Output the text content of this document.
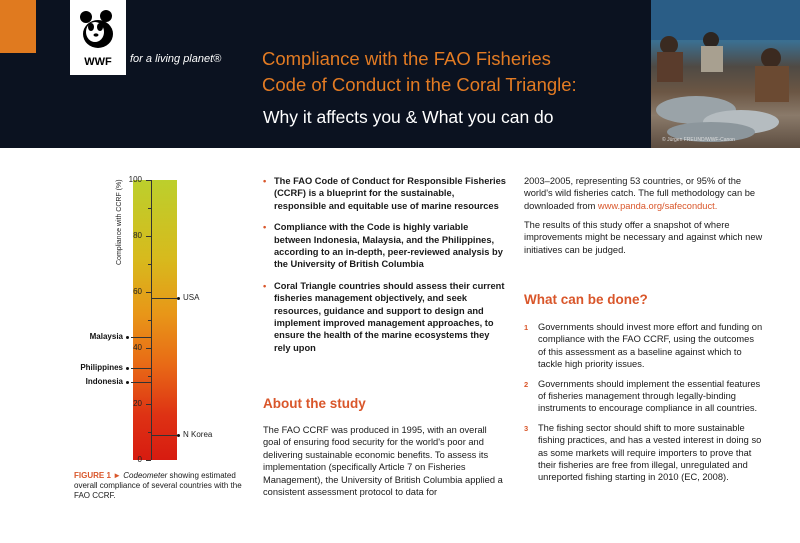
WWF	for a living planet® Compliance with the FAO Fisheries
Code of Conduct in the Coral Triangle:
Why it affects you & What you can do
© Jürgen FREUND/WWF-Canon
Compliance with CCRF (%) 100
80
60
40
20
0
Malaysia
Philippines
Indonesia
USA
N Korea
FIGURE 1 ► Codeometer showing estimated overall compliance of several countries with the FAO CCRF.
• The FAO Code of Conduct for Responsible Fisheries (CCRF) is a blueprint for the sustainable, responsible and equitable use of marine resources
• Compliance with the Code is highly variable between Indonesia, Malaysia, and the Philippines, according to an in-depth, peer-reviewed analysis by the University of British Columbia
• Coral Triangle countries should assess their current fisheries management objectively, and seek resources, guidance and support to design and implement improved management approaches, to ensure the health of the marine ecosystems they rely upon
About the study
The FAO CCRF was produced in 1995, with an overall goal of ensuring food security for the world's poor and delivering sustainable economic benefits. To assess its implementation (specifically Article 7 on Fisheries Management), the University of British Columbia applied a consistent assessment protocol to data for
2003–2005, representing 53 countries, or 95% of the world's wild fisheries catch. The full methodology can be downloaded from www.panda.org/safeconduct.
The results of this study offer a snapshot of where improvements might be necessary and against which new initiatives can be judged.
What can be done?
1 Governments should invest more effort and funding on compliance with the FAO CCRF, using the outcomes of this assessment as a baseline against which to tackle high priority issues.
2 Governments should implement the essential features of fisheries management through legally-binding instruments to encourage compliance in all countries.
3 The fishing sector should shift to more sustainable fishing practices, and has a vested interest in doing so as some markets will require importers to prove that their fisheries are free from illegal, unregulated and unreported fishing starting in 2010 (EC, 2008).
